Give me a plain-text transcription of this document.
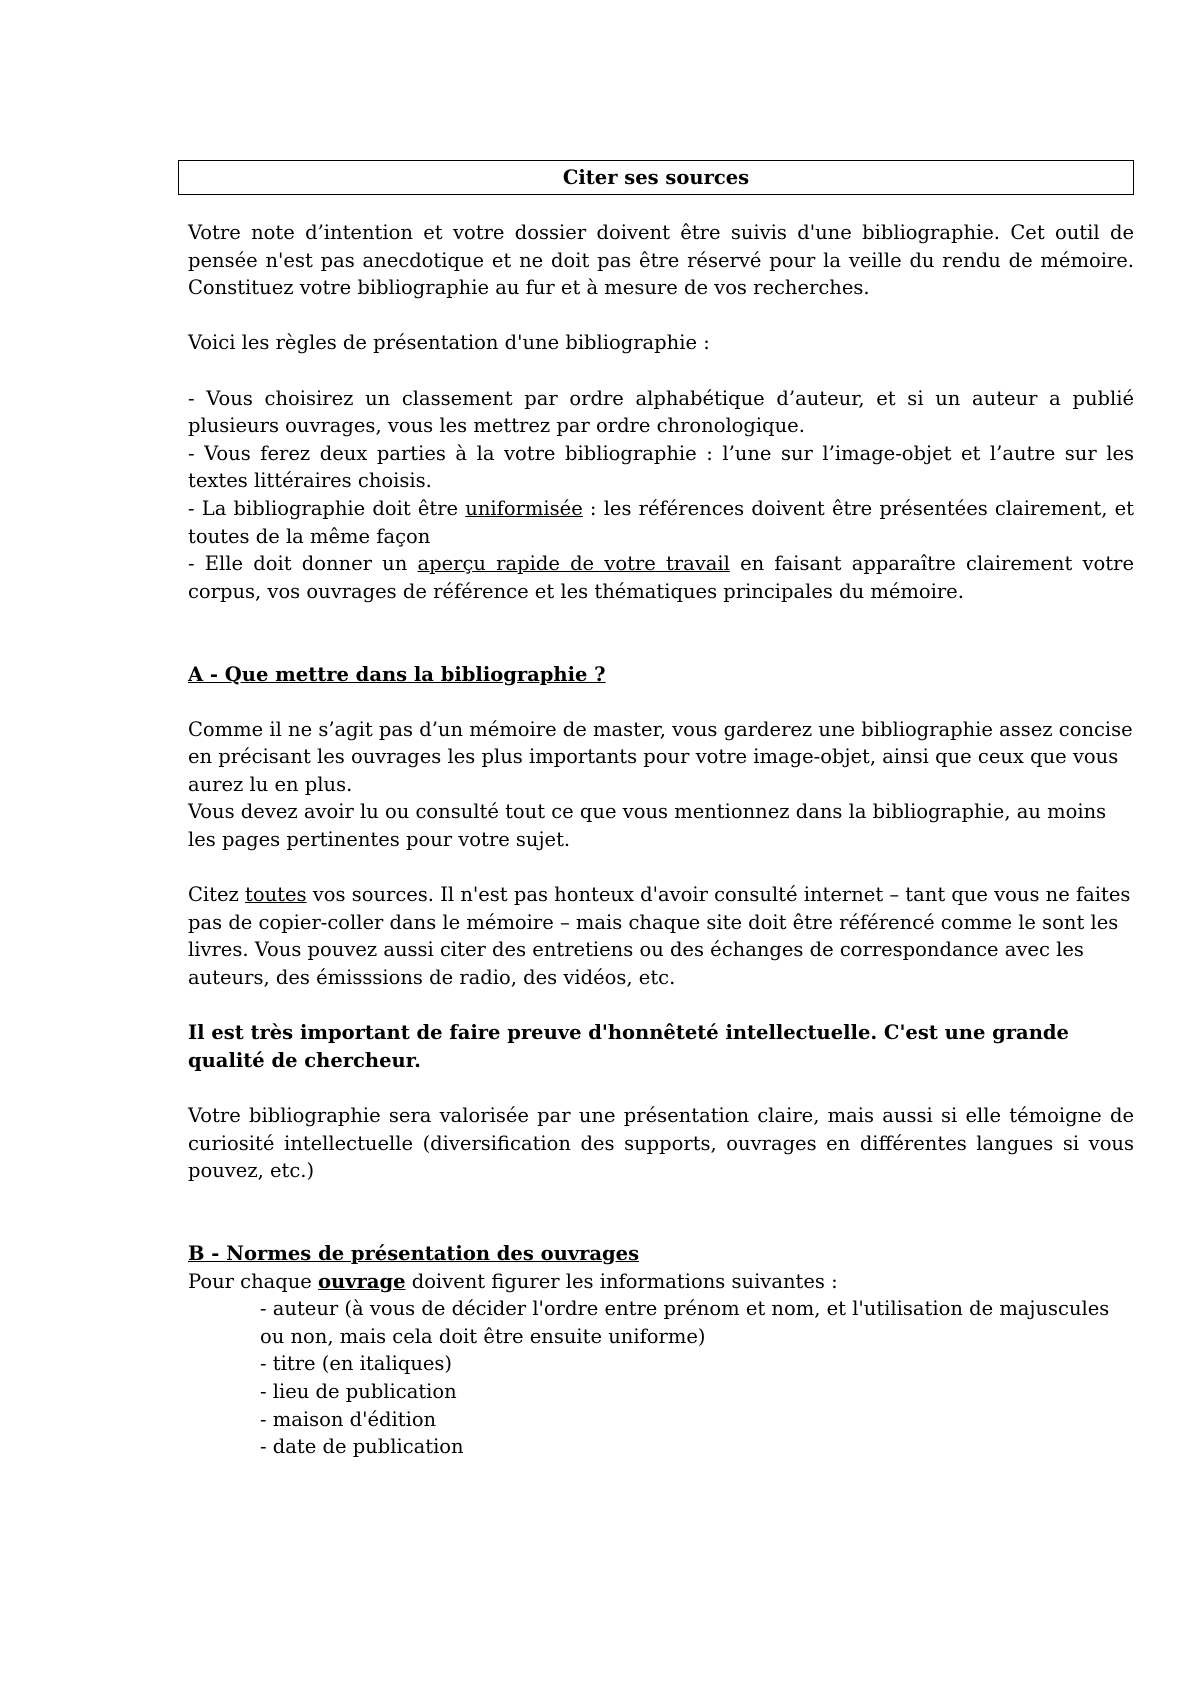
Citer ses sources

Votre note d’intention et votre dossier doivent être suivis d'une bibliographie. Cet outil de pensée n'est pas anecdotique et ne doit pas être réservé pour la veille du rendu de mémoire. Constituez votre bibliographie au fur et à mesure de vos recherches.

Voici les règles de présentation d'une bibliographie :

- Vous choisirez un classement par ordre alphabétique d’auteur, et si un auteur a publié plusieurs ouvrages, vous les mettrez par ordre chronologique.

- Vous ferez deux parties à la votre bibliographie : l’une sur l’image-objet et l’autre sur les textes littéraires choisis.

- La bibliographie doit être uniformisée : les références doivent être présentées clairement, et toutes de la même façon

- Elle doit donner un aperçu rapide de votre travail en faisant apparaître clairement votre corpus, vos ouvrages de référence et les thématiques principales du mémoire.

A - Que mettre dans la bibliographie ?

Comme il ne s’agit pas d’un mémoire de master, vous garderez une bibliographie assez concise en précisant les ouvrages les plus importants pour votre image-objet, ainsi que ceux que vous aurez lu en plus.

Vous devez avoir lu ou consulté tout ce que vous mentionnez dans la bibliographie, au moins les pages pertinentes pour votre sujet.

Citez toutes vos sources. Il n'est pas honteux d'avoir consulté internet – tant que vous ne faites pas de copier-coller dans le mémoire – mais chaque site doit être référencé comme le sont les livres. Vous pouvez aussi citer des entretiens ou des échanges de correspondance avec les auteurs, des émisssions de radio, des vidéos, etc.

Il est très important de faire preuve d'honnêteté intellectuelle. C'est une grande qualité de chercheur.

Votre bibliographie sera valorisée par une présentation claire, mais aussi si elle témoigne de curiosité intellectuelle (diversification des supports, ouvrages en différentes langues si vous pouvez, etc.)

B - Normes de présentation des ouvrages

Pour chaque ouvrage doivent figurer les informations suivantes :

- auteur (à vous de décider l'ordre entre prénom et nom, et l'utilisation de majuscules ou non, mais cela doit être ensuite uniforme)

- titre (en italiques)

- lieu de publication

- maison d'édition

- date de publication
